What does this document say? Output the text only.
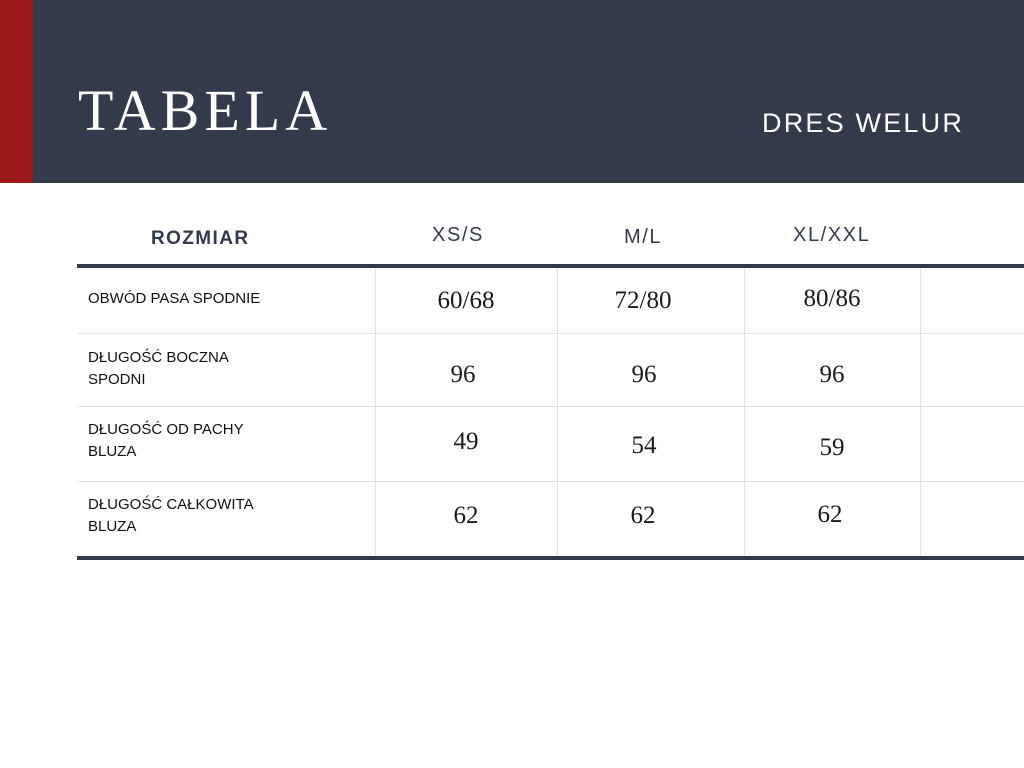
TABELA	DRES WELUR
ROZMIAR	XS/S	M/L	XL/XXL
OBWÓD PASA SPODNIE	60/68	72/80	80/86
DŁUGOŚĆ BOCZNA
SPODNI	96	96	96
DŁUGOŚĆ OD PACHY
BLUZA	49	54	59
DŁUGOŚĆ CAŁKOWITA
BLUZA	62	62	62
